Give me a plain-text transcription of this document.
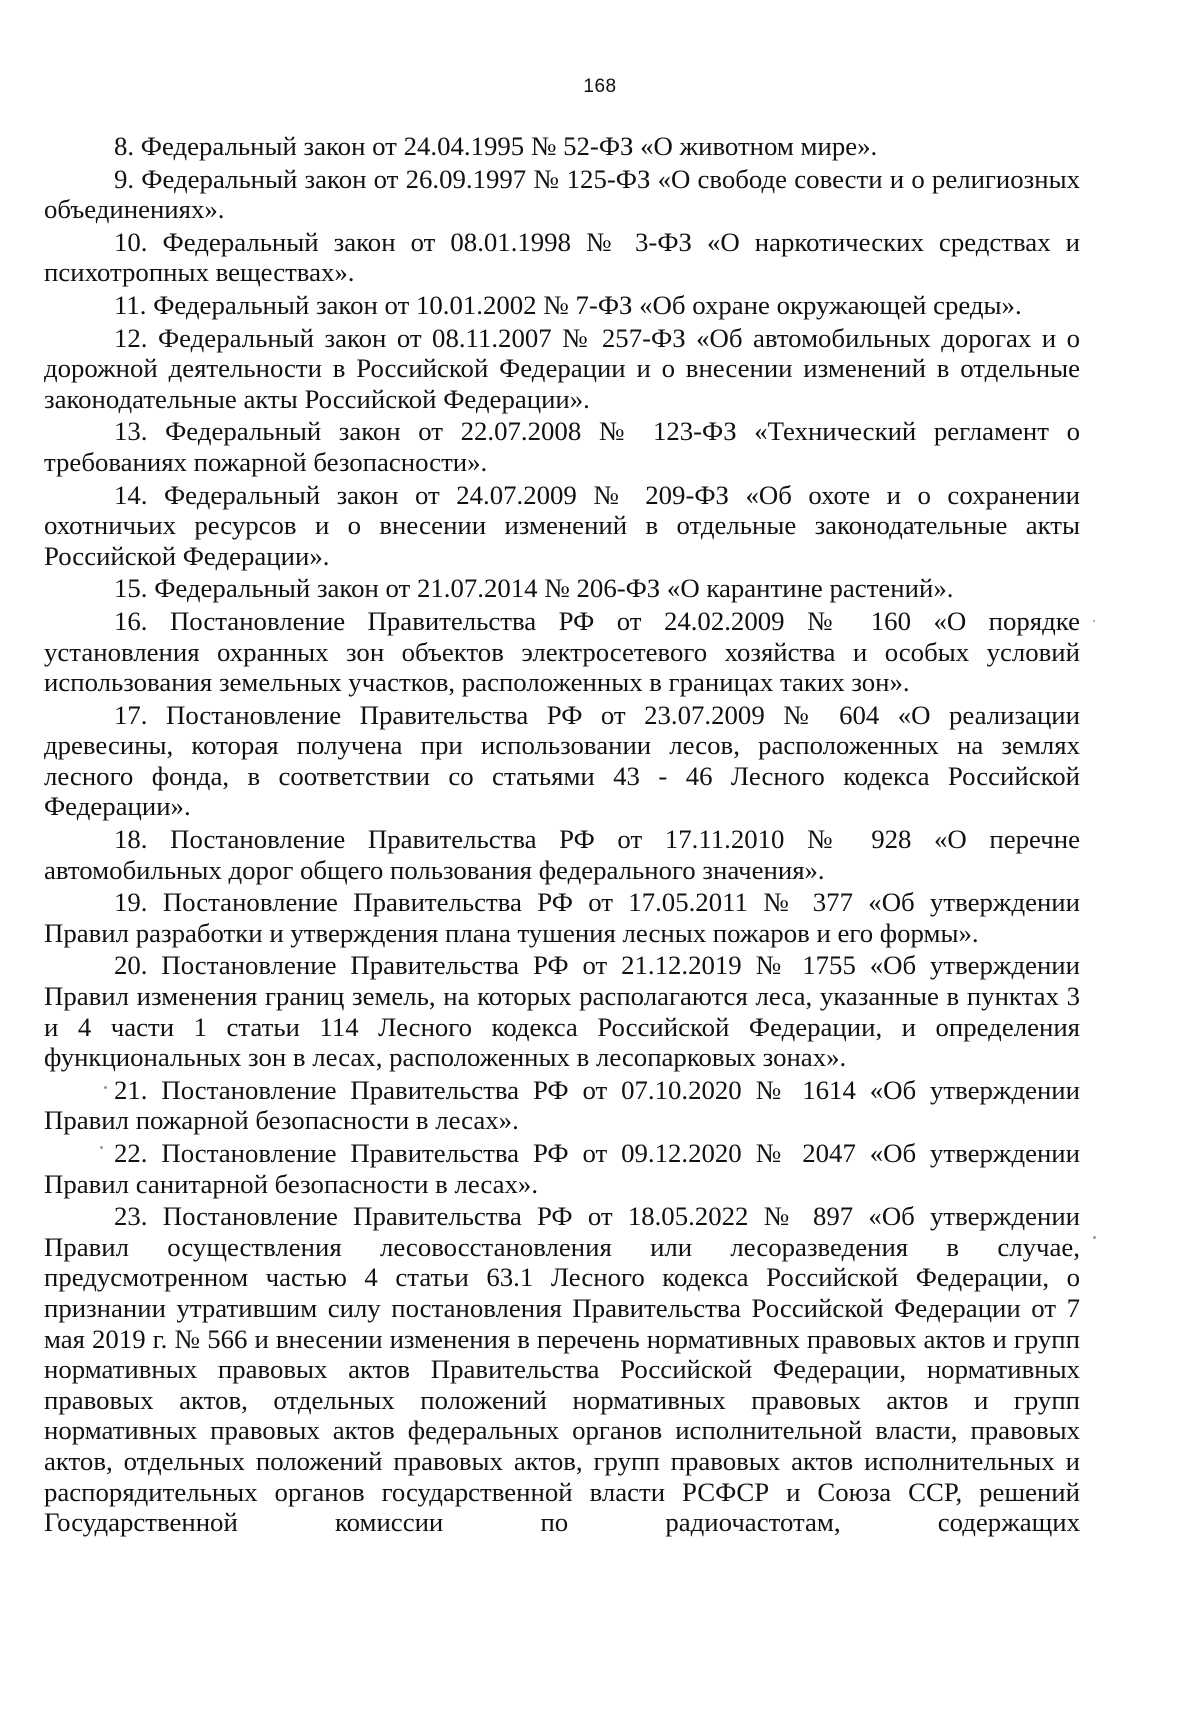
168

8. Федеральный закон от 24.04.1995 № 52-ФЗ «О животном мире».

9. Федеральный закон от 26.09.1997 № 125-ФЗ «О свободе совести и о религиозных объединениях».

10. Федеральный закон от 08.01.1998 № 3-ФЗ «О наркотических средствах и психотропных веществах».

11. Федеральный закон от 10.01.2002 № 7-ФЗ «Об охране окружающей среды».

12. Федеральный закон от 08.11.2007 № 257-ФЗ «Об автомобильных дорогах и о дорожной деятельности в Российской Федерации и о внесении изменений в отдельные законодательные акты Российской Федерации».

13. Федеральный закон от 22.07.2008 № 123-ФЗ «Технический регламент о требованиях пожарной безопасности».

14. Федеральный закон от 24.07.2009 № 209-ФЗ «Об охоте и о сохранении охотничьих ресурсов и о внесении изменений в отдельные законодательные акты Российской Федерации».

15. Федеральный закон от 21.07.2014 № 206-ФЗ «О карантине растений».

16. Постановление Правительства РФ от 24.02.2009 № 160 «О порядке установления охранных зон объектов электросетевого хозяйства и особых условий использования земельных участков, расположенных в границах таких зон».

17. Постановление Правительства РФ от 23.07.2009 № 604 «О реализации древесины, которая получена при использовании лесов, расположенных на землях лесного фонда, в соответствии со статьями 43 - 46 Лесного кодекса Российской Федерации».

18. Постановление Правительства РФ от 17.11.2010 № 928 «О перечне автомобильных дорог общего пользования федерального значения».

19. Постановление Правительства РФ от 17.05.2011 № 377 «Об утверждении Правил разработки и утверждения плана тушения лесных пожаров и его формы».

20. Постановление Правительства РФ от 21.12.2019 № 1755 «Об утверждении Правил изменения границ земель, на которых располагаются леса, указанные в пунктах 3 и 4 части 1 статьи 114 Лесного кодекса Российской Федерации, и определения функциональных зон в лесах, расположенных в лесопарковых зонах».

21. Постановление Правительства РФ от 07.10.2020 № 1614 «Об утверждении Правил пожарной безопасности в лесах».

22. Постановление Правительства РФ от 09.12.2020 № 2047 «Об утверждении Правил санитарной безопасности в лесах».

23. Постановление Правительства РФ от 18.05.2022 № 897 «Об утверждении Правил осуществления лесовосстановления или лесоразведения в случае, предусмотренном частью 4 статьи 63.1 Лесного кодекса Российской Федерации, о признании утратившим силу постановления Правительства Российской Федерации от 7 мая 2019 г. № 566 и внесении изменения в перечень нормативных правовых актов и групп нормативных правовых актов Правительства Российской Федерации, нормативных правовых актов, отдельных положений нормативных правовых актов и групп нормативных правовых актов федеральных органов исполнительной власти, правовых актов, отдельных положений правовых актов, групп правовых актов исполнительных и распорядительных органов государственной власти РСФСР и Союза ССР, решений Государственной комиссии по радиочастотам, содержащих
